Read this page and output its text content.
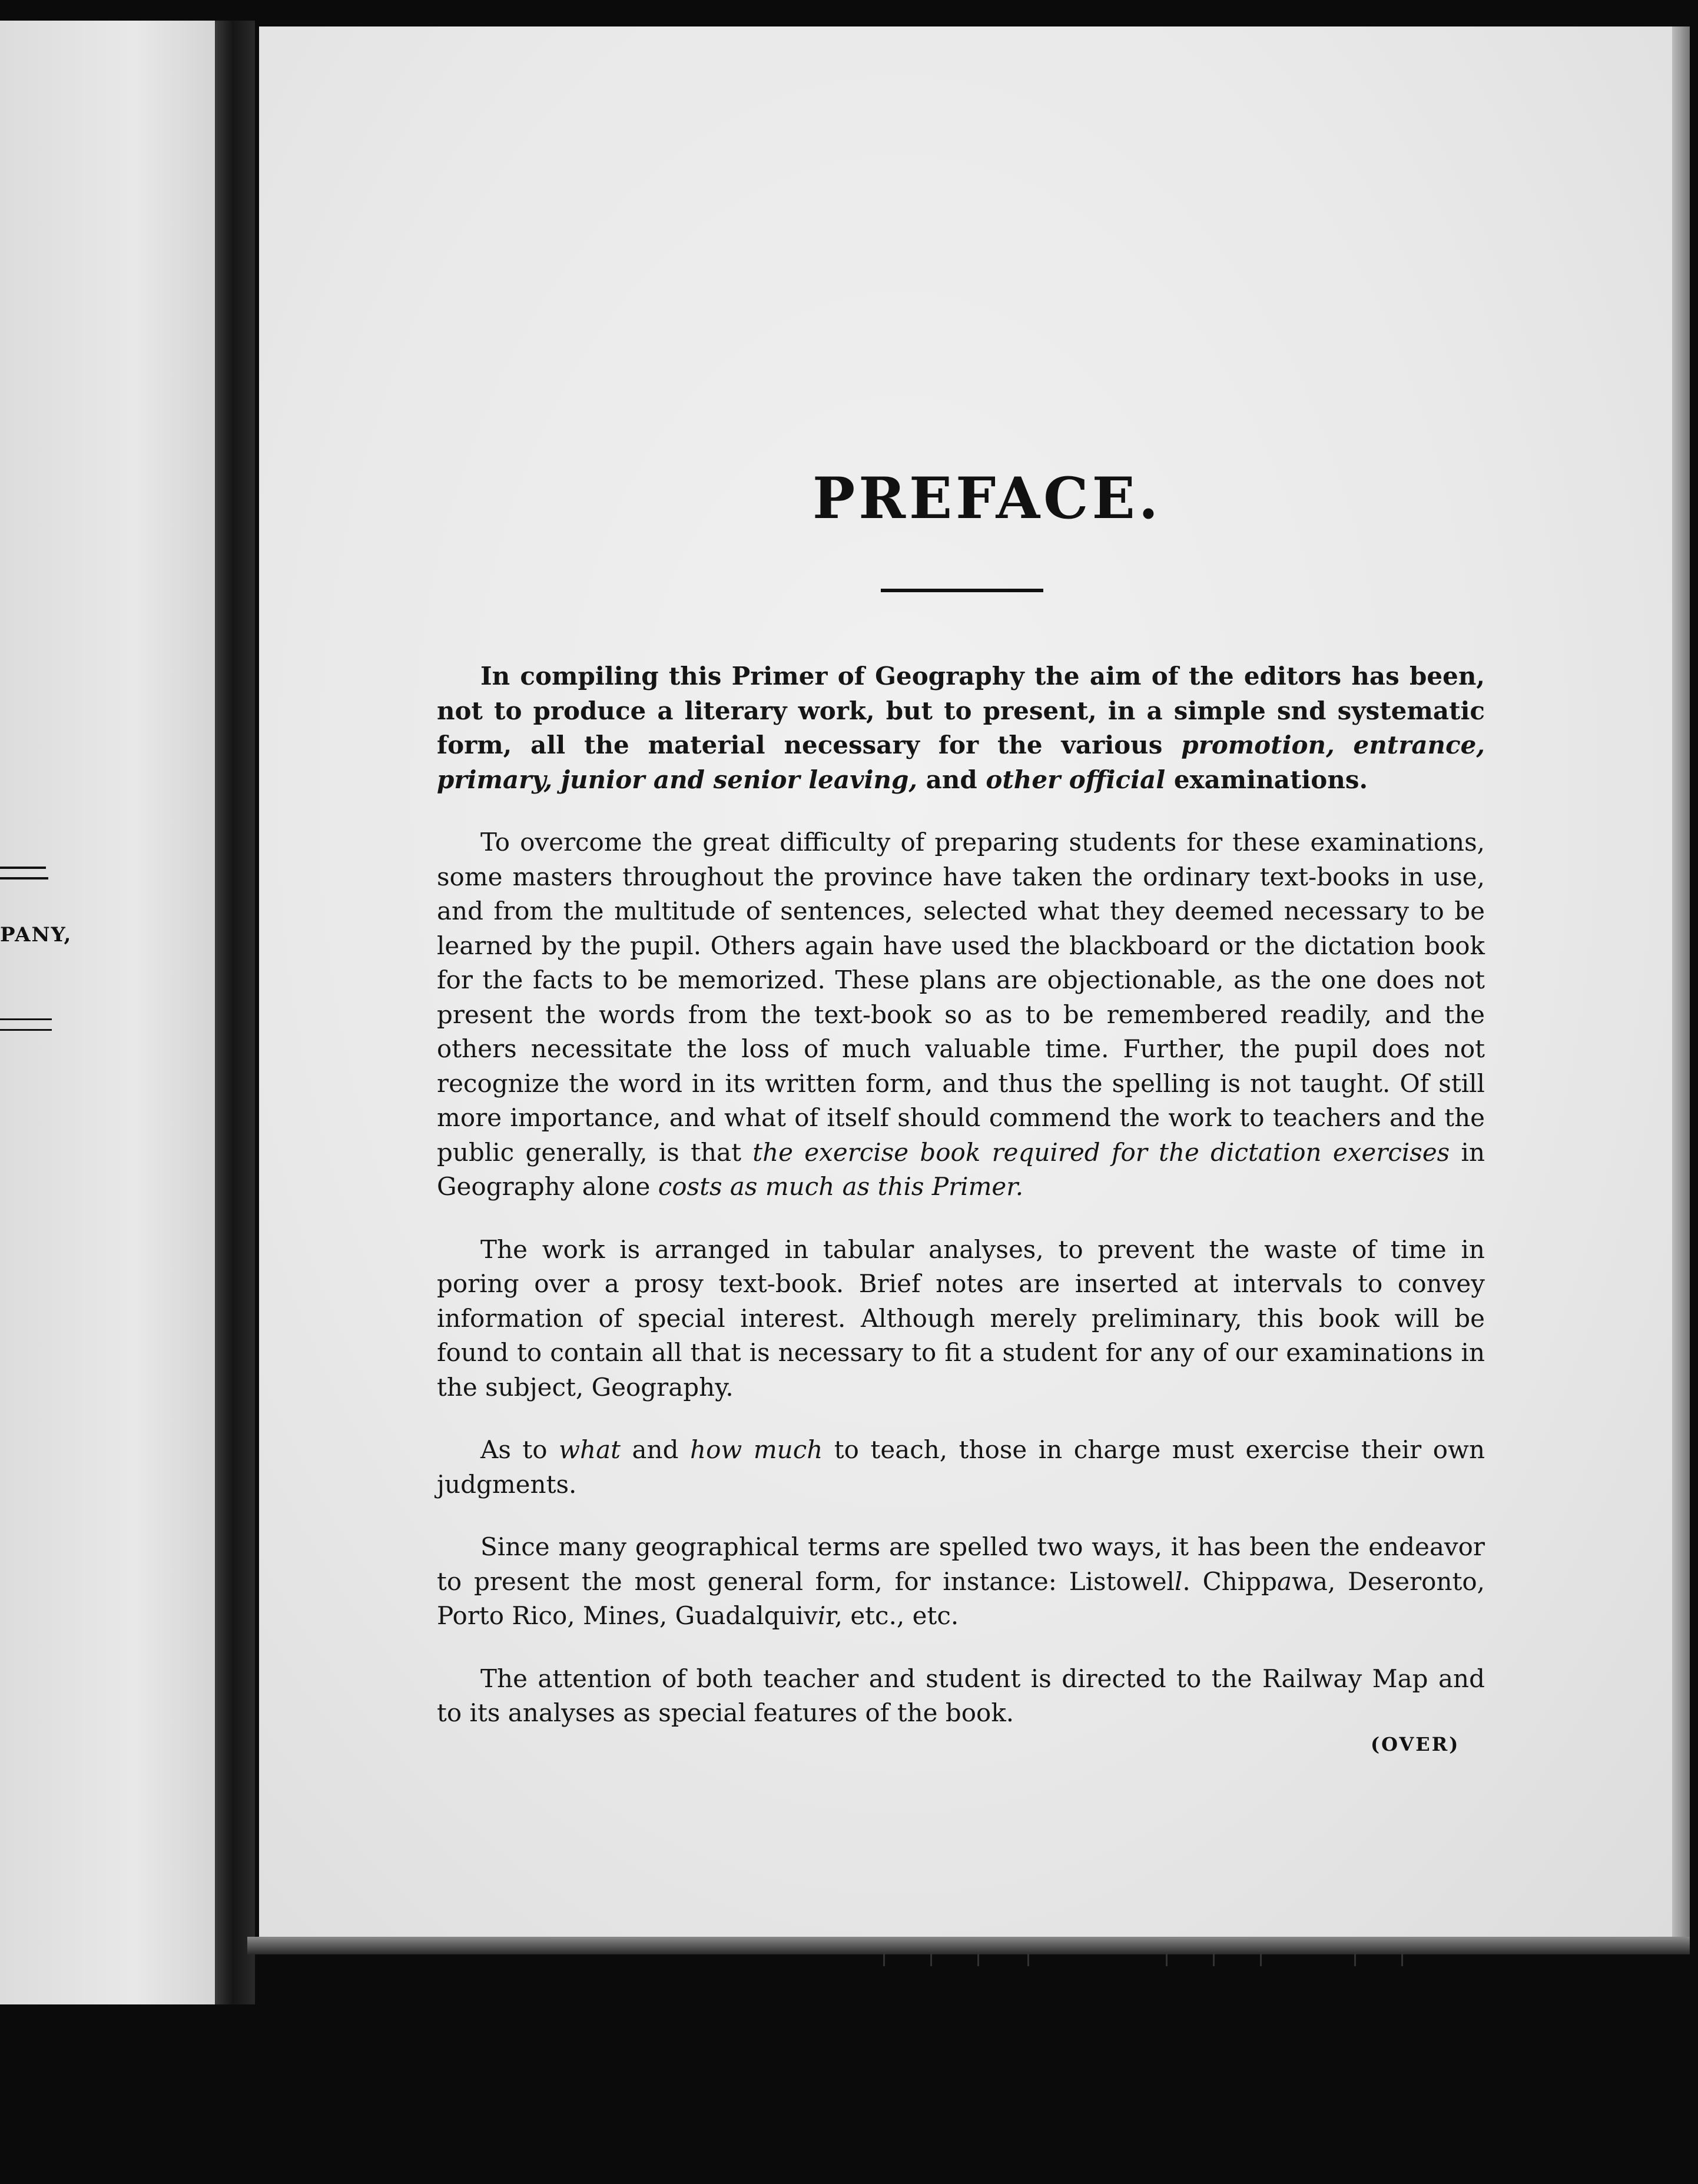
PANY,
PREFACE.

In compiling this Primer of Geography the aim of the editors has been, not to produce a literary work, but to present, in a simple snd systematic form, all the material necessary for the various promotion, entrance, primary, junior and senior leaving, and other official examinations.

To overcome the great difficulty of preparing students for these examinations, some masters throughout the province have taken the ordinary text-books in use, and from the multitude of sentences, selected what they deemed necessary to be learned by the pupil. Others again have used the blackboard or the dictation book for the facts to be memorized. These plans are objectionable, as the one does not present the words from the text-book so as to be remembered readily, and the others necessitate the loss of much valuable time. Further, the pupil does not recognize the word in its written form, and thus the spelling is not taught. Of still more importance, and what of itself should commend the work to teachers and the public generally, is that the exercise book required for the dictation exercises in Geography alone costs as much as this Primer.

The work is arranged in tabular analyses, to prevent the waste of time in poring over a prosy text-book. Brief notes are inserted at intervals to convey information of special interest. Although merely preliminary, this book will be found to contain all that is necessary to fit a student for any of our examinations in the subject, Geography.

As to what and how much to teach, those in charge must exercise their own judgments.

Since many geographical terms are spelled two ways, it has been the endeavor to present the most general form, for instance: Listowell. Chippawa, Deseronto, Porto Rico, Mines, Guadalquivir, etc., etc.

The attention of both teacher and student is directed to the Railway Map and to its analyses as special features of the book.

(OVER)
